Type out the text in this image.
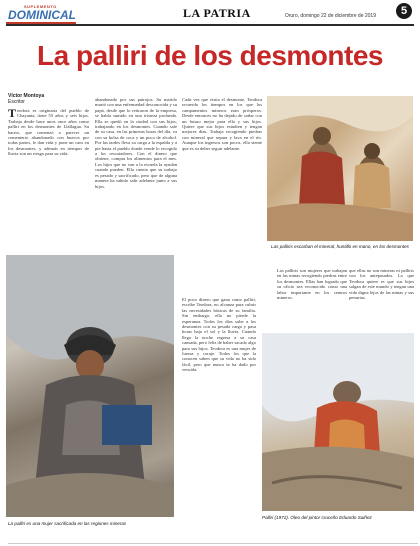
SUPLEMENTO
DOMINICAL	LA PATRIA	Oruro, domingo 22 de diciembre de 2019	5
La palliri de los desmontes
Víctor Montoya
Escritor

Teodora es originaria del pueblo de Chayanta, tiene 55 años y seis hijos. Trabaja desde hace unos once años como palliri en los desmontes de Llallagua. Su barrio, que comenzó a parecer un cementerio abandonado con huecos por todas partes, le dan vida y pone un caos en los desmontes, y además en tiempos de lluvia son un riesgo para su vida.

abandonado por sus patrojos. Su marido murió con una enfermedad desconocida y su papá, desde que lo retiraron de la empresa, se había sumido en una tristeza profunda. Ella se quedó en la ciudad con sus hijos, trabajando en los desmontes. Cuando sale de su casa, en las primeras horas del día, va con su bolsa de coca y un poco de alcohol. Por las tardes lleva su carga a la espalda y a pie hasta el pueblo donde vende lo recogido a los rescatadores. Con el dinero que obtiene, compra los alimentos para el mes. Los hijos que no van a la escuela la ayudan cuando pueden. Ella cuenta que su trabajo es pesado y sacrificado, pero que de alguna manera ha sabido salir adelante junto a sus hijos.

Cada vez que visita el desmonte, Teodora recuerda los tiempos en los que los campamentos mineros eran prósperos. Desde entonces no ha dejado de soñar con un futuro mejor para ella y sus hijos. Quiere que sus hijos estudien y tengan mejores días. Trabaja recogiendo piedras con mineral que separa y lava en el río. Aunque los ingresos son pocos, ella siente que es su deber seguir adelante.

Las palliris escarban el mineral, huntillo en mano, en los desmontes
La palliri es una mujer sacrificada en las regiones mineras

El poco dinero que gana como palliri, escribe Teodora, no alcanza para cubrir las necesidades básicas de su familia. Sin embargo, ella no pierde la esperanza. Todos los días sube a los desmontes con su pesada carga y pasa horas bajo el sol y la lluvia. Cuando llega la noche regresa a su casa cansada, pero feliz de haber sacado algo para sus hijos. Teodora es una mujer de fuerza y coraje. Todos los que la conocen saben que su vida no ha sido fácil, pero que nunca se ha dado por vencida.

Las palliris son mujeres que trabajan en las minas recogiendo piedras entre los desmontes. Ellas han logrado que su oficio sea reconocido como una labor importante en los centros mineros.

que ellas no son mineras ni palliris con los antepasados. Lo que Teodora quiere es que sus hijos salgan de este mundo y tengan una vida digna lejos de las minas y sus penurias.

Palliri (1972). Óleo del pintor cruceño Eduardo Saiñez
